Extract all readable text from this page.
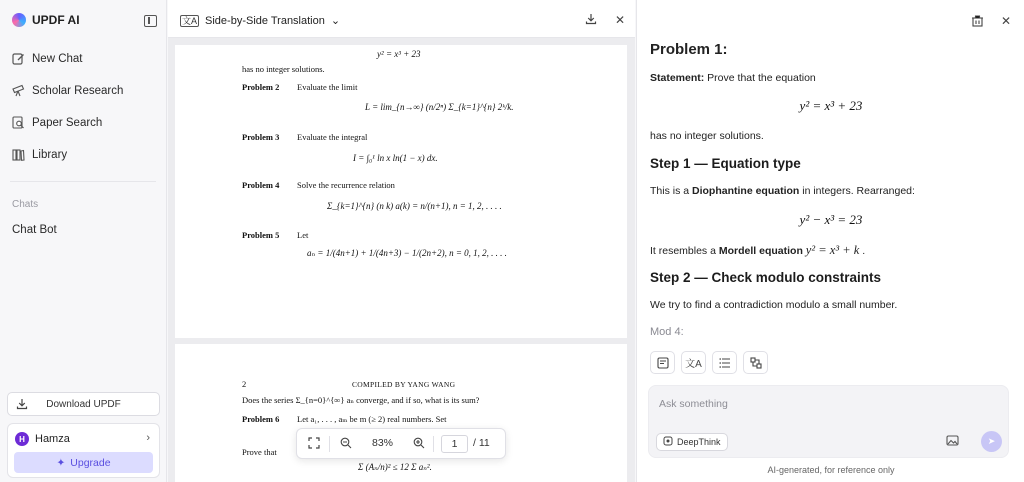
UPDF AI
New Chat
Scholar Research
Paper Search
Library
Chats
Chat Bot
Download UPDF
H Hamza	›
✦ Upgrade
文A Side-by-Side Translation ⌄	✕
y² = x³ + 23
has no integer solutions.
Problem 2 Evaluate the limit
L = lim_{n→∞} (n/2ⁿ) Σ_{k=1}^{n} 2ᵏ/k.
Problem 3 Evaluate the integral
I = ∫₀¹ ln x ln(1 − x) dx.
Problem 4 Solve the recurrence relation
Σ_{k=1}^{n} (n k) a(k) = n/(n+1), n = 1, 2, . . . .
Problem 5 Let
aₙ = 1/(4n+1) + 1/(4n+3) − 1/(2n+2), n = 0, 1, 2, . . . .
2	COMPILED BY YANG WANG
Does the series Σ_{n=0}^{∞} aₙ converge, and if so, what is its sum?
Problem 6 Let a₁, . . . , aₘ be m (≥ 2) real numbers. Set
Prove that
Σ (Aₙ/n)² ≤ 12 Σ aₙ².
83%	1	/ 11
✕
Problem 1:
Statement: Prove that the equation
y² = x³ + 23
has no integer solutions.
Step 1 — Equation type
This is a Diophantine equation in integers. Rearranged:
y² − x³ = 23
It resembles a Mordell equation y² = x³ + k .
Step 2 — Check modulo constraints
We try to find a contradiction modulo a small number.
Mod 4:
文A
Ask something
DeepThink	➤
AI-generated, for reference only
